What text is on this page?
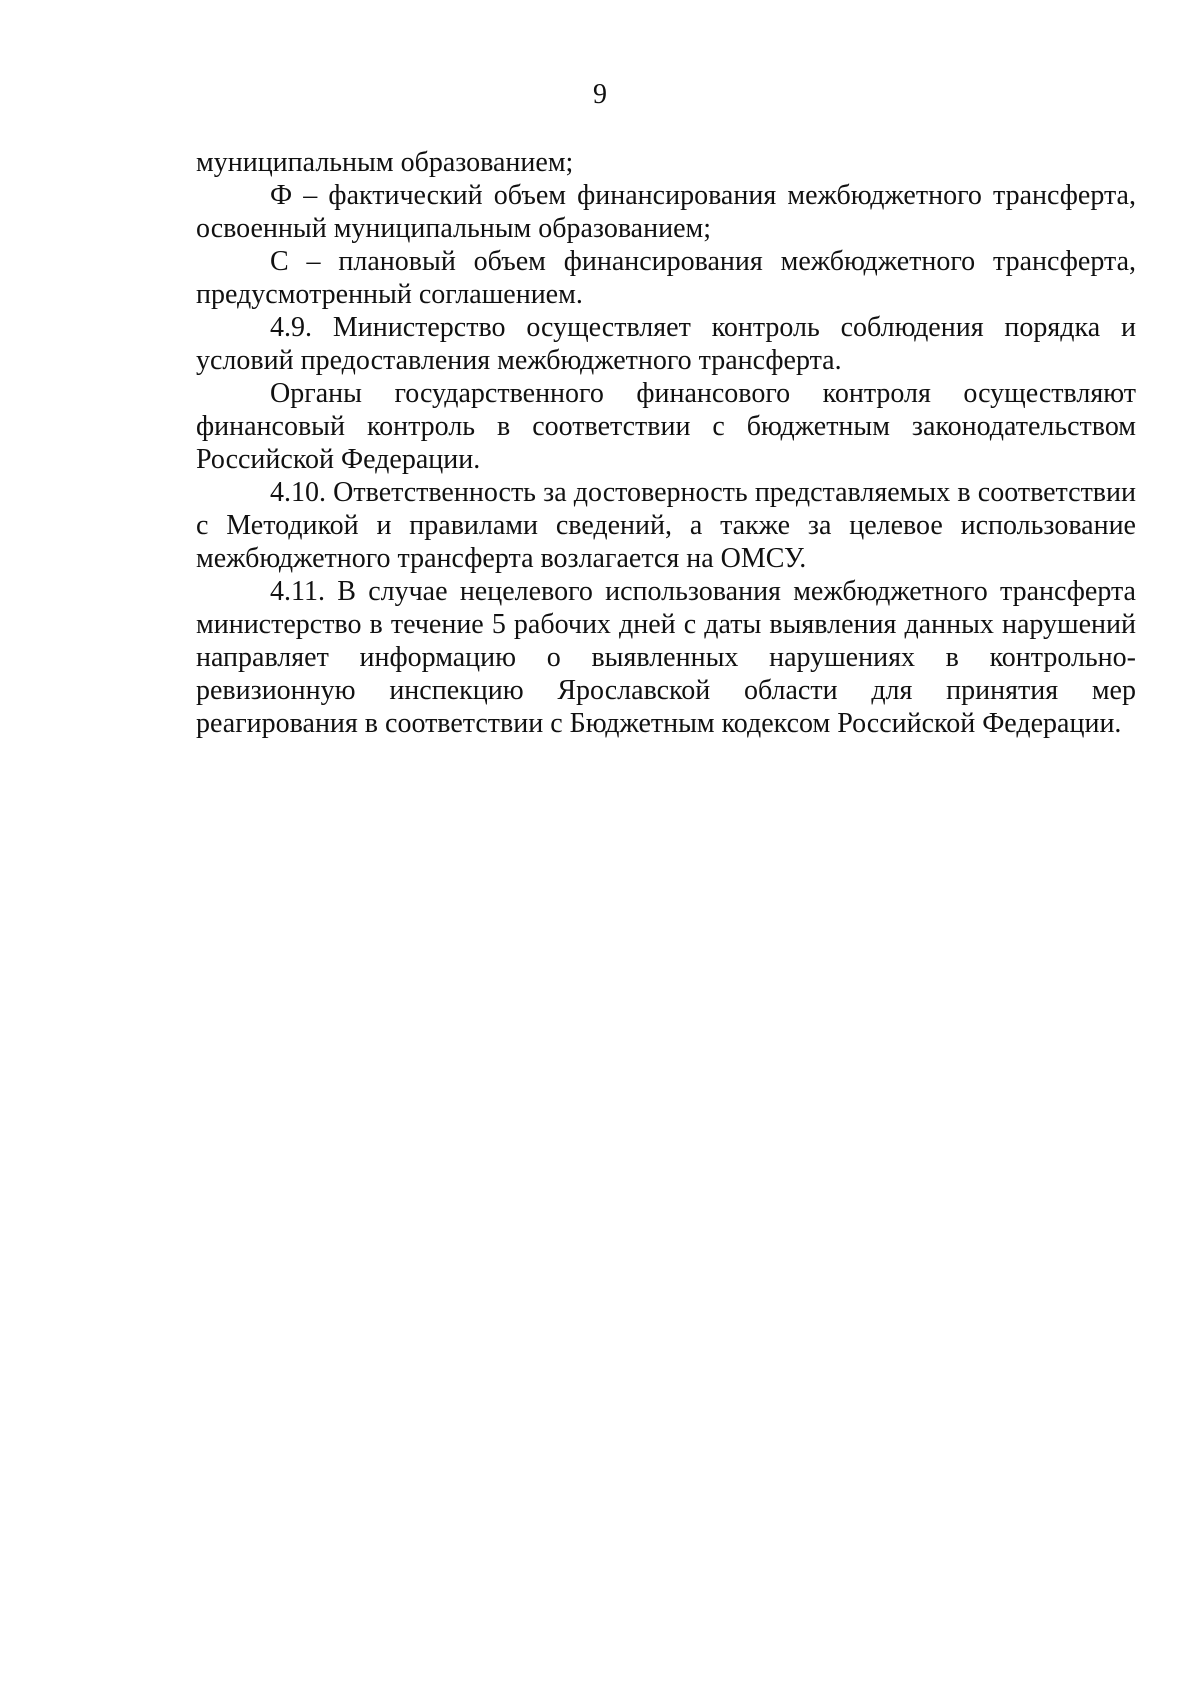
9

муниципальным образованием;

Ф – фактический объем финансирования межбюджетного трансферта, освоенный муниципальным образованием;

С – плановый объем финансирования межбюджетного трансферта, предусмотренный соглашением.

4.9. Министерство осуществляет контроль соблюдения порядка и условий предоставления межбюджетного трансферта.

Органы государственного финансового контроля осуществляют финансовый контроль в соответствии с бюджетным законодательством Российской Федерации.

4.10. Ответственность за достоверность представляемых в соответствии с Методикой и правилами сведений, а также за целевое использование межбюджетного трансферта возлагается на ОМСУ.

4.11. В случае нецелевого использования межбюджетного трансферта министерство в течение 5 рабочих дней с даты выявления данных нарушений направляет информацию о выявленных нарушениях в контрольно-ревизионную инспекцию Ярославской области для принятия мер реагирования в соответствии с Бюджетным кодексом Российской Федерации.
